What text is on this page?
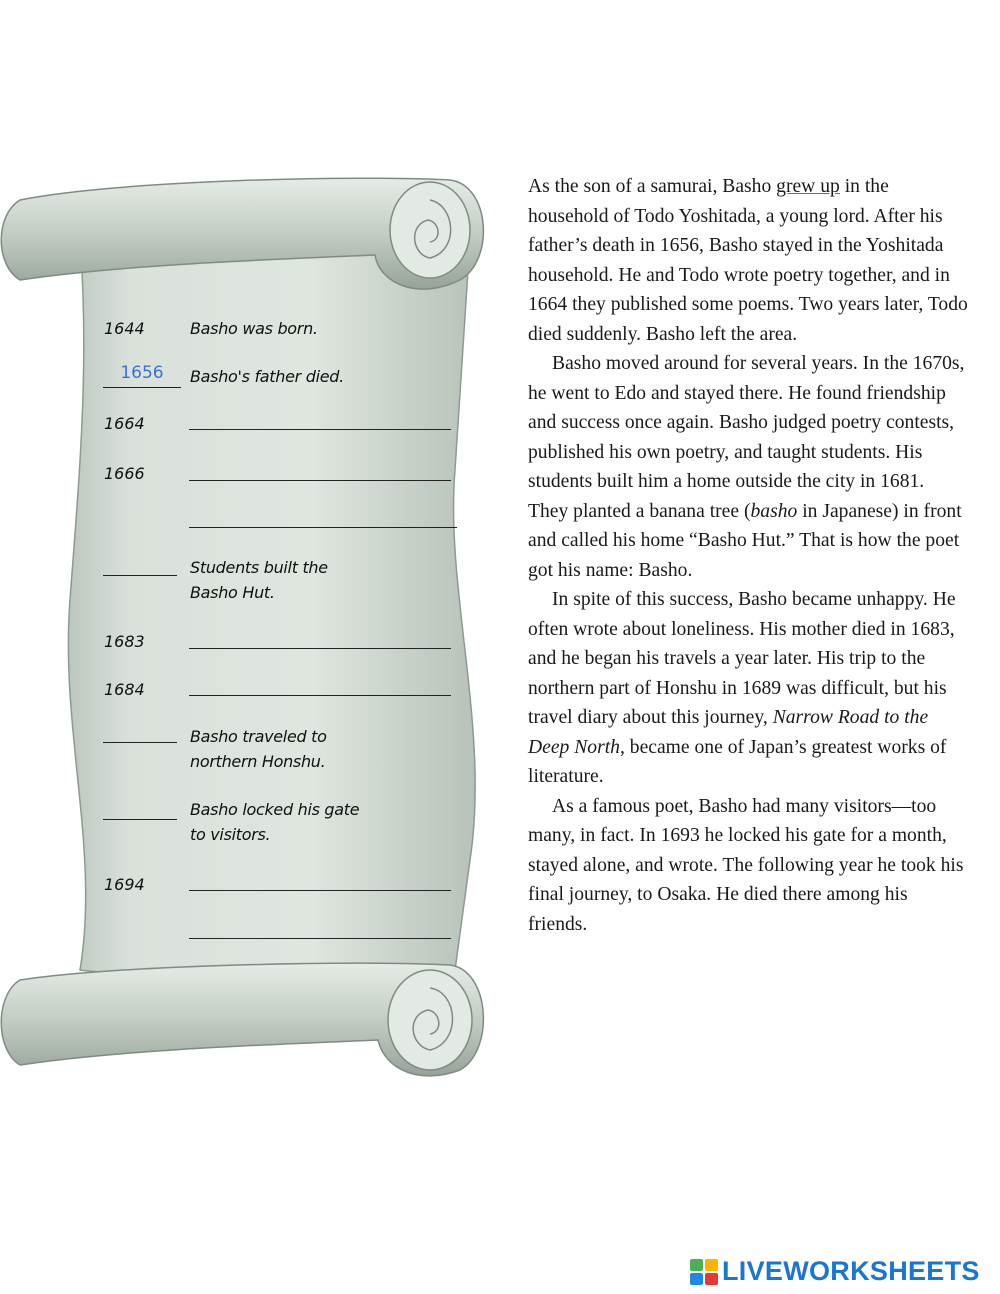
1644	Basho was born.
1656	Basho's father died.
1664
1666
Students built the
Basho Hut.
1683
1684
Basho traveled to
northern Honshu.
Basho locked his gate
to visitors.
1694

As the son of a samurai, Basho grew up in the household of Todo Yoshitada, a young lord. After his father’s death in 1656, Basho stayed in the Yoshitada household. He and Todo wrote poetry together, and in 1664 they published some poems. Two years later, Todo died suddenly. Basho left the area.

Basho moved around for several years. In the 1670s, he went to Edo and stayed there. He found friendship and success once again. Basho judged poetry contests, published his own poetry, and taught students. His students built him a home outside the city in 1681. They planted a banana tree (basho in Japanese) in front and called his home “Basho Hut.” That is how the poet got his name: Basho.

In spite of this success, Basho became unhappy. He often wrote about loneliness. His mother died in 1683, and he began his travels a year later. His trip to the northern part of Honshu in 1689 was difficult, but his travel diary about this journey, Narrow Road to the Deep North, became one of Japan’s greatest works of literature.

As a famous poet, Basho had many visitors—too many, in fact. In 1693 he locked his gate for a month, stayed alone, and wrote. The following year he took his final journey, to Osaka. He died there among his friends.

LIVEWORKSHEETS
